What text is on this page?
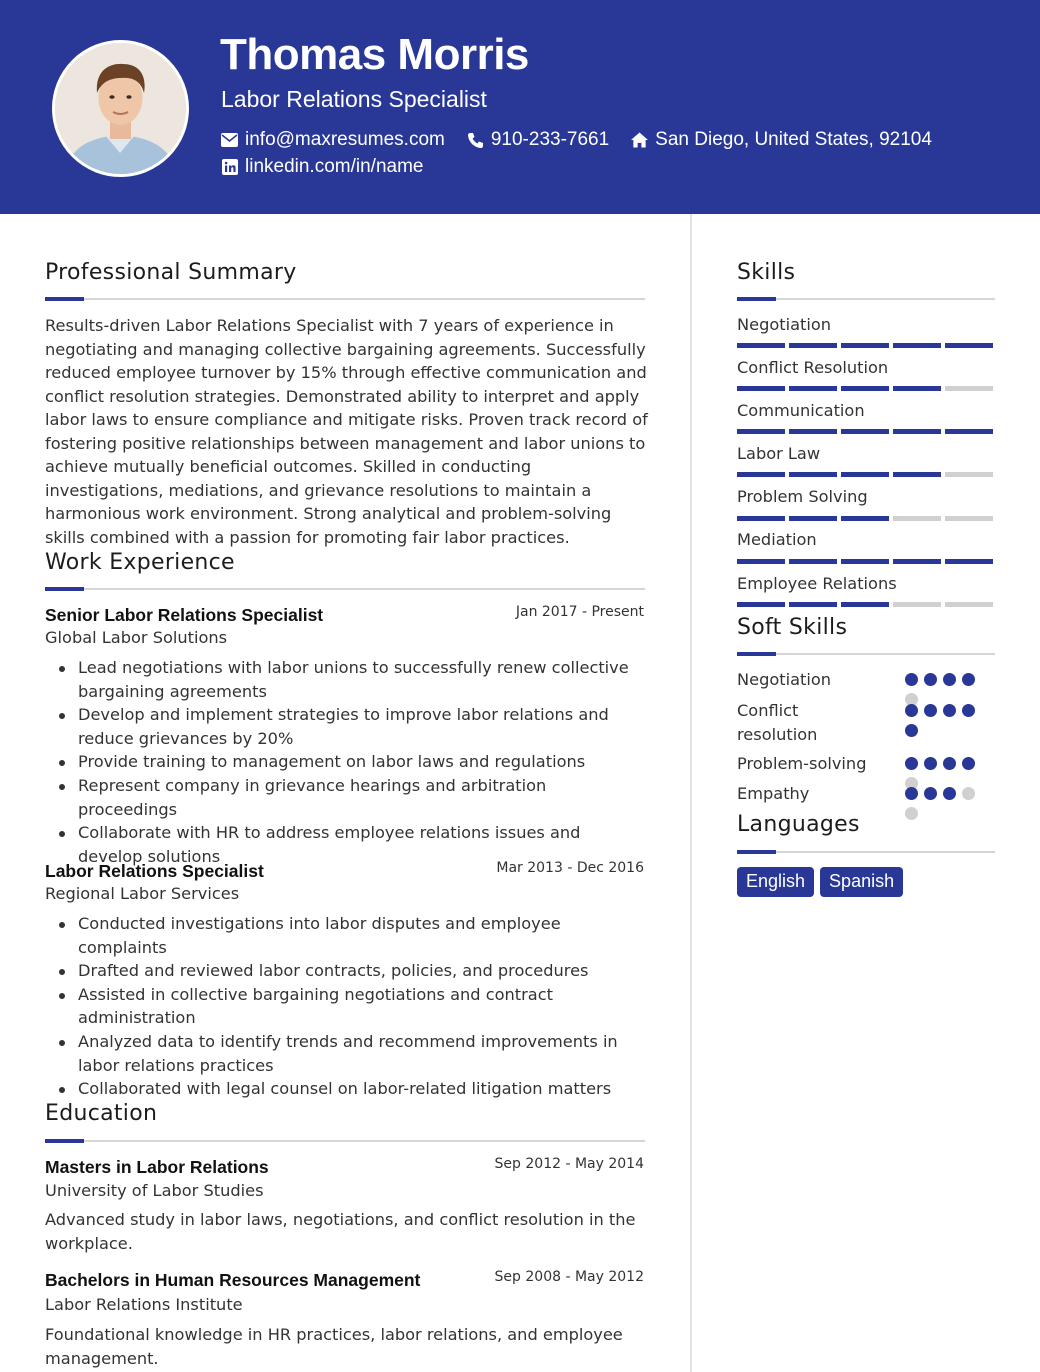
Thomas Morris
Labor Relations Specialist
info@maxresumes.com 910-233-7661 San Diego, United States, 92104
linkedin.com/in/name
Professional Summary
Results-driven Labor Relations Specialist with 7 years of experience in negotiating and managing collective bargaining agreements. Successfully reduced employee turnover by 15% through effective communication and conflict resolution strategies. Demonstrated ability to interpret and apply labor laws to ensure compliance and mitigate risks. Proven track record of fostering positive relationships between management and labor unions to achieve mutually beneficial outcomes. Skilled in conducting investigations, mediations, and grievance resolutions to maintain a harmonious work environment. Strong analytical and problem-solving skills combined with a passion for promoting fair labor practices.
Work Experience
Senior Labor Relations Specialist	Jan 2017 - Present
Global Labor Solutions
Lead negotiations with labor unions to successfully renew collective bargaining agreements
Develop and implement strategies to improve labor relations and reduce grievances by 20%
Provide training to management on labor laws and regulations
Represent company in grievance hearings and arbitration proceedings
Collaborate with HR to address employee relations issues and develop solutions
Labor Relations Specialist	Mar 2013 - Dec 2016
Regional Labor Services
Conducted investigations into labor disputes and employee complaints
Drafted and reviewed labor contracts, policies, and procedures
Assisted in collective bargaining negotiations and contract administration
Analyzed data to identify trends and recommend improvements in labor relations practices
Collaborated with legal counsel on labor-related litigation matters
Education
Masters in Labor Relations	Sep 2012 - May 2014
University of Labor Studies
Advanced study in labor laws, negotiations, and conflict resolution in the workplace.
Bachelors in Human Resources Management	Sep 2008 - May 2012
Labor Relations Institute
Foundational knowledge in HR practices, labor relations, and employee management.
Skills
Negotiation
Conflict Resolution
Communication
Labor Law
Problem Solving
Mediation
Employee Relations
Soft Skills
Negotiation
Conflict resolution
Problem-solving
Empathy
Languages
English	Spanish
